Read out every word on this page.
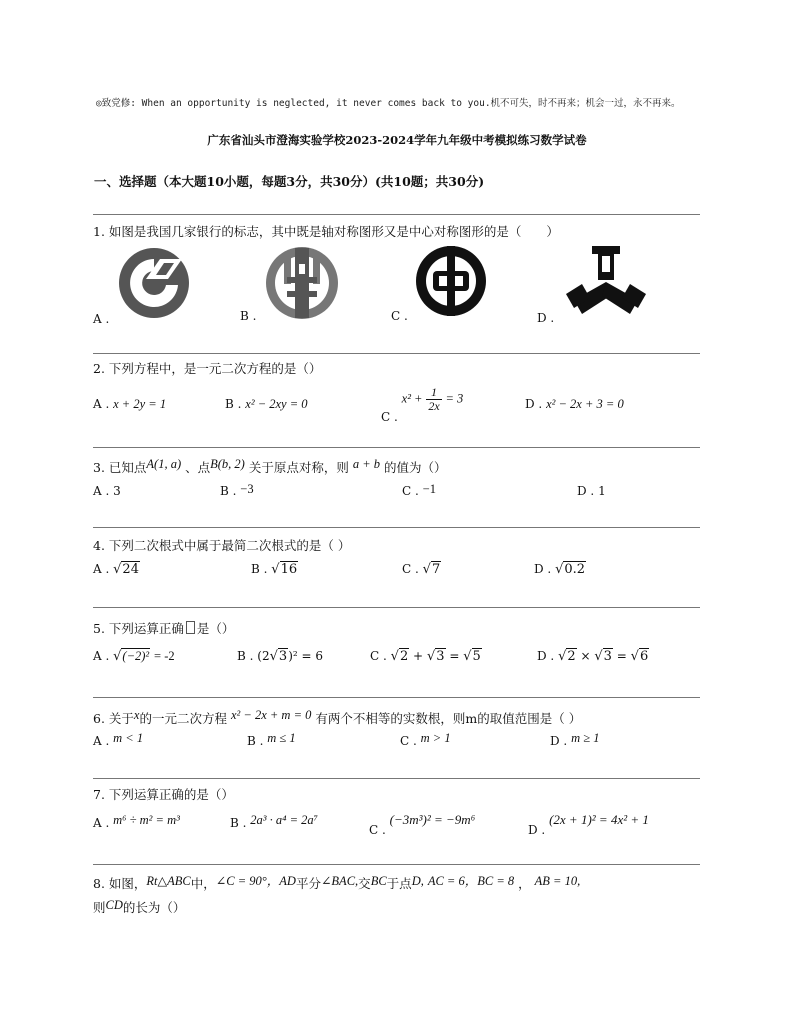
◎致党修: When an opportunity is neglected, it never comes back to you.机不可失，时不再来；机会一过，永不再来。
广东省汕头市澄海实验学校2023-2024学年九年级中考模拟练习数学试卷
一、选择题（本大题10小题，每题3分，共30分）(共10题；共30分)
1. 如图是我国几家银行的标志，其中既是轴对称图形又是中心对称图形的是（　　）
A .	B .	C .	D .
2. 下列方程中，是一元二次方程的是（）
A . x + 2y = 1	B . x² − 2xy = 0
C . $x^2 + \frac{1}{2x} = 3$	D . x² − 2x + 3 = 0
3. 已知点A(1, a) 、点B(b, 2) 关于原点对称，则 a + b 的值为（）
A . 3	B . −3	C . −1	D . 1
4. 下列二次根式中属于最简二次根式的是（ ）
A . √24	B . √16	C . √7	D . √0.2
5. 下列运算正确 是（）
A . √(−2)² = -2	B . (2√3)² = 6	C . √2 + √3 = √5	D . √2 × √3 = √6
6. 关于x的一元二次方程 x² − 2x + m = 0 有两个不相等的实数根，则m的取值范围是（ ）
A . m < 1	B . m ≤ 1	C . m > 1	D . m ≥ 1
7. 下列运算正确的是（）
A . m⁶ ÷ m² = m³	B . 2a³ · a⁴ = 2a⁷
C . (−3m³)² = −9m⁶
D . (2x + 1)² = 4x² + 1
8. 如图，Rt△ABC中，∠C = 90°，AD平分∠BAC,交BC于点D, AC = 6，BC = 8 ， AB = 10,
则CD的长为（）
